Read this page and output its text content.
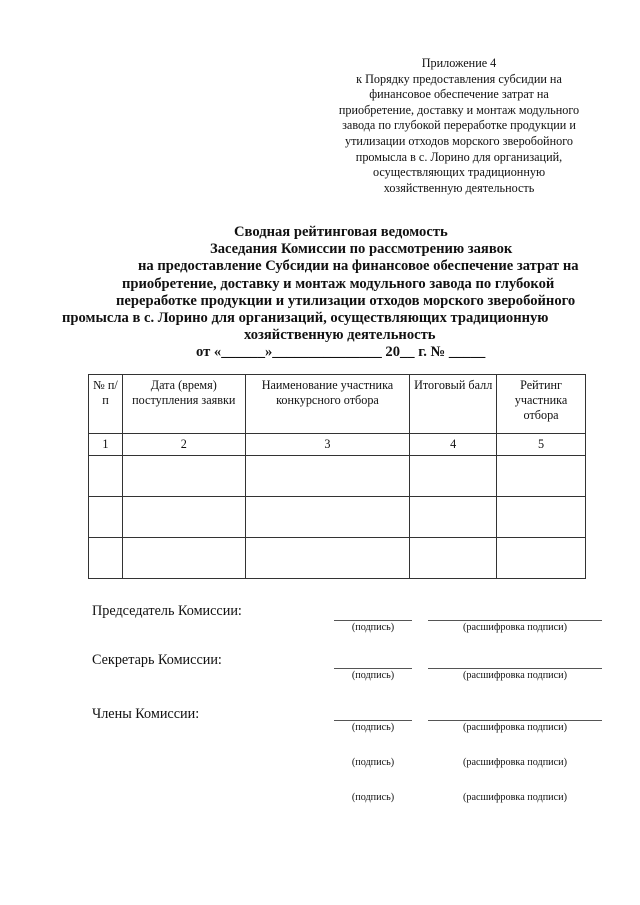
Приложение 4
к Порядку предоставления субсидии на
финансовое обеспечение затрат на
приобретение, доставку и монтаж модульного
завода по глубокой переработке продукции и
утилизации отходов морского зверобойного
промысла в с. Лорино для организаций,
осуществляющих традиционную
хозяйственную деятельность
Сводная рейтинговая ведомость
Заседания Комиссии по рассмотрению заявок
на предоставление Субсидии на финансовое обеспечение затрат на
приобретение, доставку и монтаж модульного завода по глубокой
переработке продукции и утилизации отходов морского зверобойного
промысла в с. Лорино для организаций, осуществляющих традиционную
хозяйственную деятельность
от «______»_______________ 20__ г. № _____
№ п/п	Дата (время) поступления заявки	Наименование участника конкурсного отбора	Итоговый балл	Рейтинг участника отбора
1	2	3	4	5

Председатель Комиссии:
(подпись)	(расшифровка подписи)
Секретарь Комиссии:
(подпись)	(расшифровка подписи)
Члены Комиссии:
(подпись)	(расшифровка подписи)
(подпись)	(расшифровка подписи)
(подпись)	(расшифровка подписи)
